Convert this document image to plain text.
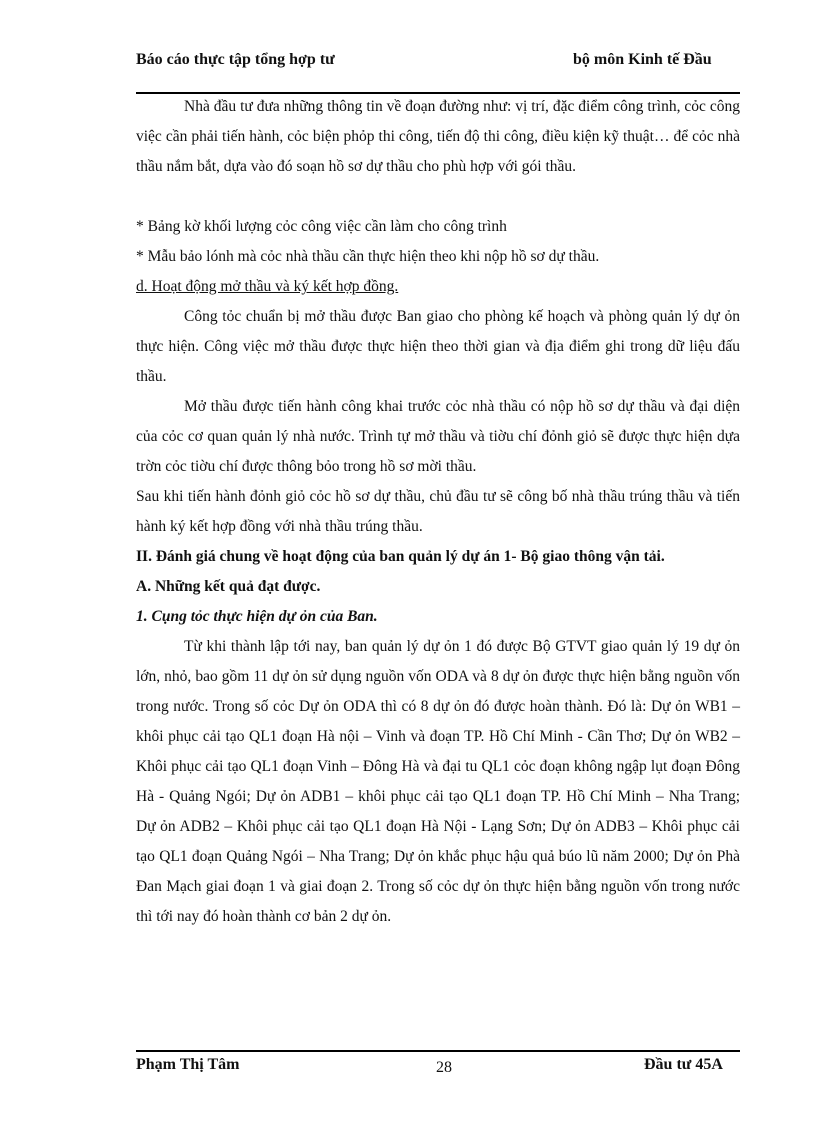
Báo cáo thực tập tổng hợp tư	bộ môn Kinh tế Đầu

Nhà đầu tư đưa những thông tin về đoạn đường như: vị trí, đặc điểm công trình, cỏc công việc cần phải tiến hành, cỏc biện phỏp thi công, tiến độ thi công, điều kiện kỹ thuật… để cỏc nhà thầu nắm bắt, dựa vào đó soạn hồ sơ dự thầu cho phù hợp với gói thầu.

* Bảng kờ khối lượng cỏc công việc cần làm cho công trình

* Mẫu bảo lónh mà cỏc nhà thầu cần thực hiện theo khi nộp hồ sơ dự thầu.

d. Hoạt động mở thầu và ký kết hợp đồng.

Công tỏc chuẩn bị mở thầu được Ban giao cho phòng kế hoạch và phòng quản lý dự ỏn thực hiện. Công việc mở thầu được thực hiện theo thời gian và địa điểm ghi trong dữ liệu đấu thầu.

Mở thầu được tiến hành công khai trước cỏc nhà thầu có nộp hồ sơ dự thầu và đại diện của cỏc cơ quan quản lý nhà nước. Trình tự mở thầu và tiờu chí đỏnh giỏ sẽ được thực hiện dựa trờn cỏc tiờu chí được thông bỏo trong hồ sơ mời thầu.

Sau khi tiến hành đỏnh giỏ cỏc hồ sơ dự thầu, chủ đầu tư sẽ công bố nhà thầu trúng thầu và tiến hành ký kết hợp đồng với nhà thầu trúng thầu.

II. Đánh giá chung về hoạt động của ban quản lý dự án 1- Bộ giao thông vận tải.

A. Những kết quả đạt được.

1. Cụng tỏc thực hiện dự ỏn của Ban.

Từ khi thành lập tới nay, ban quản lý dự ỏn 1 đó được Bộ GTVT giao quản lý 19 dự ỏn lớn, nhỏ, bao gồm 11 dự ỏn sử dụng nguồn vốn ODA và 8 dự ỏn được thực hiện bằng nguồn vốn trong nước. Trong số cỏc Dự ỏn ODA thì có 8 dự ỏn đó được hoàn thành. Đó là: Dự ỏn WB1 – khôi phục cải tạo QL1 đoạn Hà nội – Vinh và đoạn TP. Hồ Chí Minh - Cần Thơ; Dự ỏn WB2 – Khôi phục cải tạo QL1 đoạn Vinh – Đông Hà và đại tu QL1 cỏc đoạn không ngập lụt đoạn Đông Hà - Quảng Ngói; Dự ỏn ADB1 – khôi phục cải tạo QL1 đoạn TP. Hồ Chí Minh – Nha Trang; Dự ỏn ADB2 – Khôi phục cải tạo QL1 đoạn Hà Nội - Lạng Sơn; Dự ỏn ADB3 – Khôi phục cải tạo QL1 đoạn Quảng Ngói – Nha Trang; Dự ỏn khắc phục hậu quả búo lũ năm 2000; Dự ỏn Phà Đan Mạch giai đoạn 1 và giai đoạn 2. Trong số cỏc dự ỏn thực hiện bằng nguồn vốn trong nước thì tới nay đó hoàn thành cơ bản 2 dự ỏn.

Phạm Thị Tâm	28	Đầu tư 45A
